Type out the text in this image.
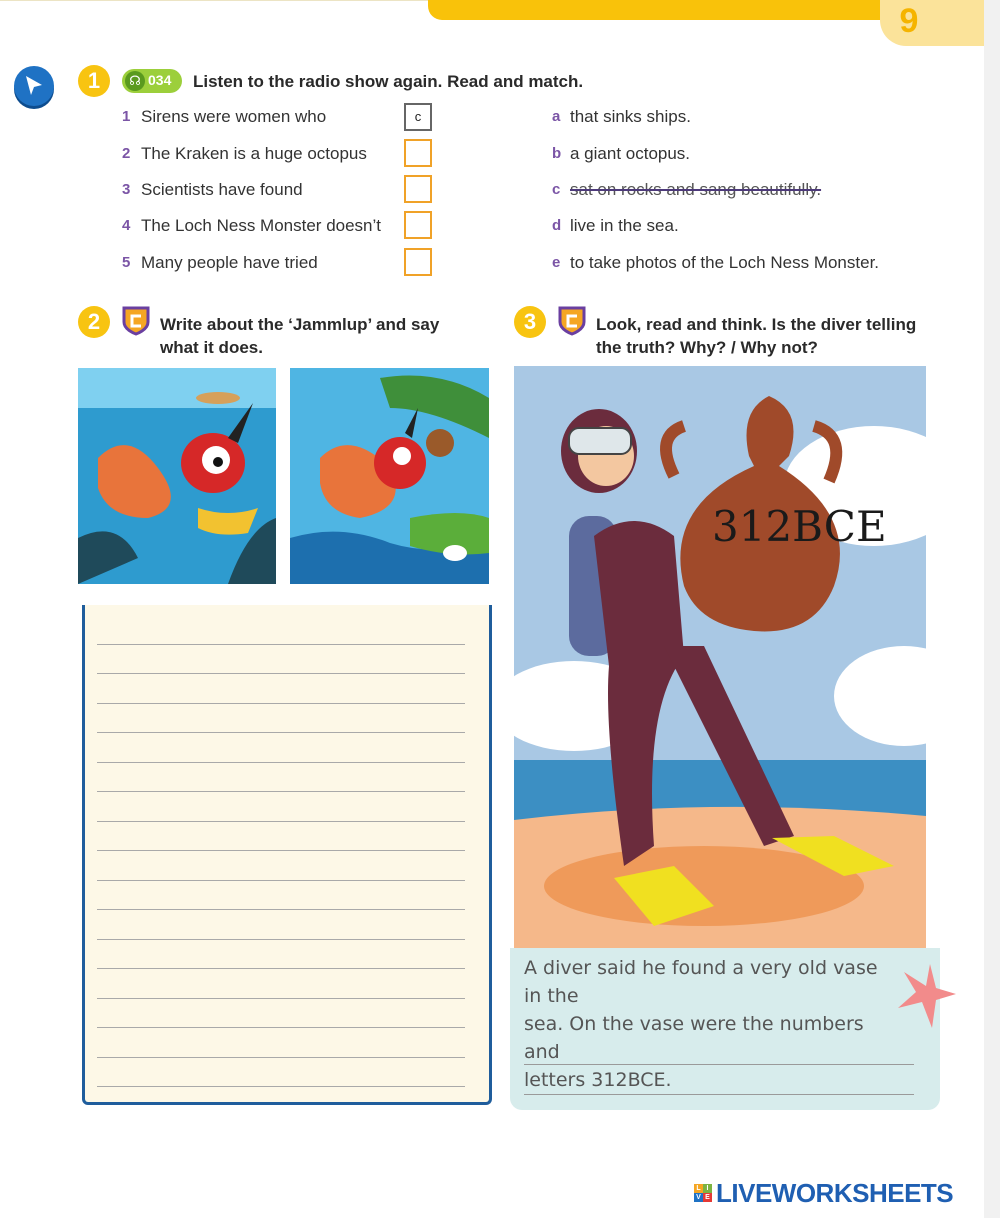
9
1	☊ 034 Listen to the radio show again. Read and match.
1 Sirens were women who	c
2 The Kraken is a huge octopus
3 Scientists have found
4 The Loch Ness Monster doesn’t
5 Many people have tried
a that sinks ships.
b a giant octopus.
c sat on rocks and sang beautifully.
d live in the sea.
e to take photos of the Loch Ness Monster.
2	Write about the ‘Jammlup’ and say
what it does.
3	Look, read and think. Is the diver telling
the truth? Why? / Why not?
312BCE
A diver said he found a very old vase in the
sea. On the vase were the numbers and
letters 312BCE.
L I
V E LIVEWORKSHEETS
